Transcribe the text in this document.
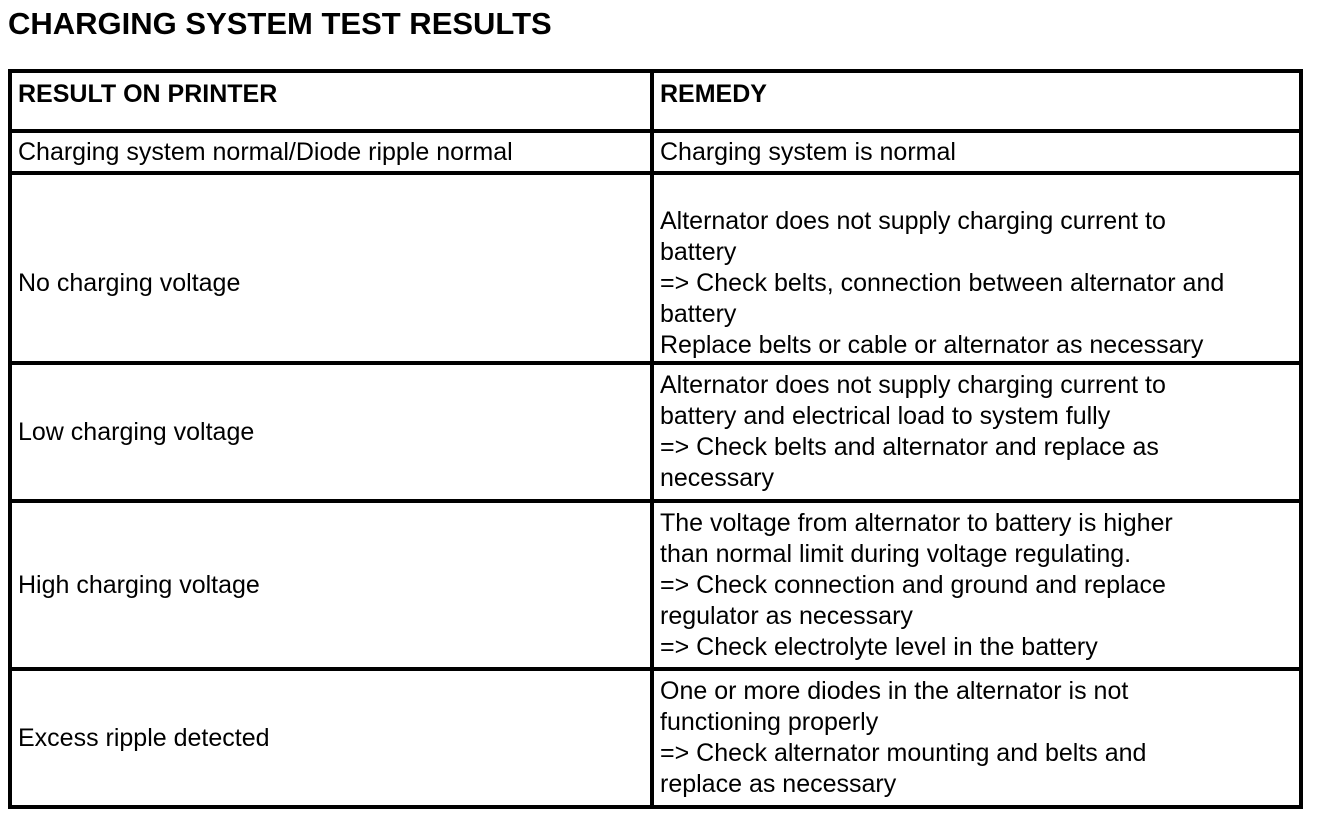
CHARGING SYSTEM TEST RESULTS
RESULT ON PRINTER	REMEDY
Charging system normal/Diode ripple normal	Charging system is normal

No charging voltage	Alternator does not supply charging current to
battery
=> Check belts, connection between alternator and
battery
Replace belts or cable or alternator as necessary

Low charging voltage	Alternator does not supply charging current to
battery and electrical load to system fully
=> Check belts and alternator and replace as
necessary

High charging voltage	The voltage from alternator to battery is higher
than normal limit during voltage regulating.
=> Check connection and ground and replace
regulator as necessary
=> Check electrolyte level in the battery

Excess ripple detected	One or more diodes in the alternator is not
functioning properly
=> Check alternator mounting and belts and
replace as necessary
